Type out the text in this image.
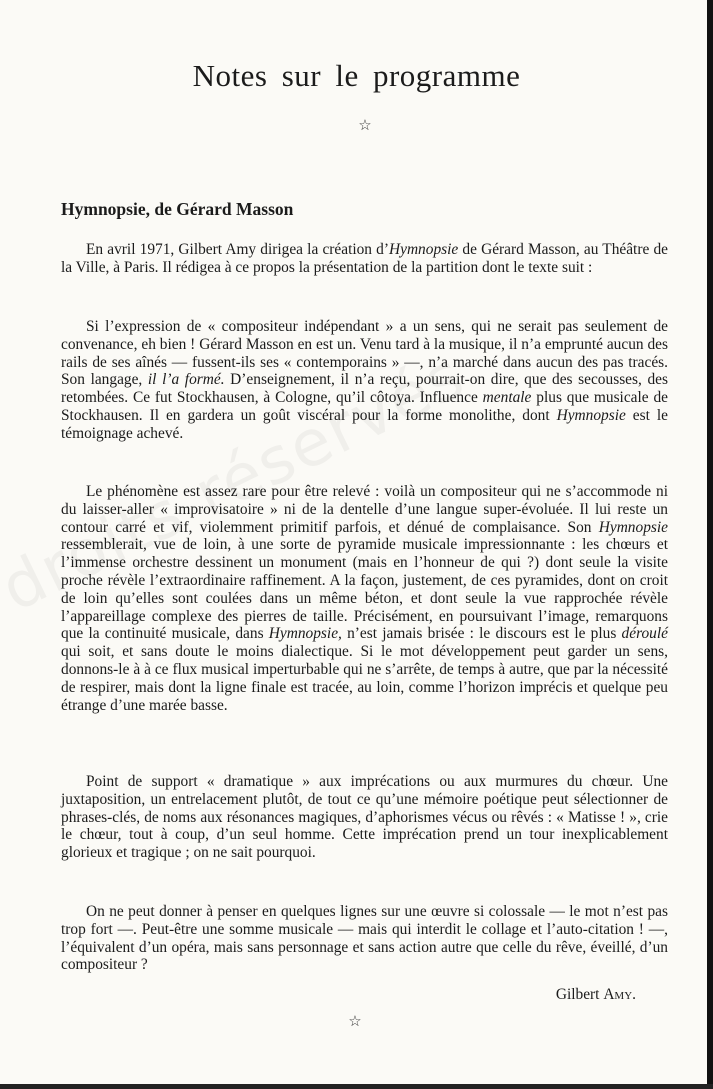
Notes sur le programme
☆
Hymnopsie, de Gérard Masson

En avril 1971, Gilbert Amy dirigea la création d’Hymnopsie de Gérard Masson, au Théâtre de la Ville, à Paris. Il rédigea à ce propos la présentation de la partition dont le texte suit :

Si l’expression de « compositeur indépendant » a un sens, qui ne serait pas seulement de convenance, eh bien ! Gérard Masson en est un. Venu tard à la musique, il n’a emprunté aucun des rails de ses aînés — fussent-ils ses « contemporains » —, n’a marché dans aucun des pas tracés. Son langage, il l’a formé. D’enseignement, il n’a reçu, pourrait-on dire, que des secousses, des retombées. Ce fut Stockhausen, à Cologne, qu’il côtoya. Influence mentale plus que musicale de Stockhausen. Il en gardera un goût viscéral pour la forme monolithe, dont Hymnopsie est le témoignage achevé.

Le phénomène est assez rare pour être relevé : voilà un compositeur qui ne s’accommode ni du laisser-aller « improvisatoire » ni de la dentelle d’une langue super-évoluée. Il lui reste un contour carré et vif, violemment primitif parfois, et dénué de complaisance. Son Hymnopsie ressemblerait, vue de loin, à une sorte de pyramide musicale impressionnante : les chœurs et l’immense orchestre dessinent un monument (mais en l’honneur de qui ?) dont seule la visite proche révèle l’extraordinaire raffinement. A la façon, justement, de ces pyramides, dont on croit de loin qu’elles sont coulées dans un même béton, et dont seule la vue rapprochée révèle l’appareillage complexe des pierres de taille. Précisément, en poursuivant l’image, remarquons que la continuité musicale, dans Hymnopsie, n’est jamais brisée : le discours est le plus déroulé qui soit, et sans doute le moins dialectique. Si le mot développement peut garder un sens, donnons-le à à ce flux musical imperturbable qui ne s’arrête, de temps à autre, que par la nécessité de respirer, mais dont la ligne finale est tracée, au loin, comme l’horizon imprécis et quelque peu étrange d’une marée basse.

Point de support « dramatique » aux imprécations ou aux murmures du chœur. Une juxtaposition, un entrelacement plutôt, de tout ce qu’une mémoire poétique peut sélectionner de phrases-clés, de noms aux résonances magiques, d’aphorismes vécus ou rêvés : « Matisse ! », crie le chœur, tout à coup, d’un seul homme. Cette imprécation prend un tour inexplicablement glorieux et tragique ; on ne sait pourquoi.

On ne peut donner à penser en quelques lignes sur une œuvre si colossale — le mot n’est pas trop fort —. Peut-être une somme musicale — mais qui interdit le collage et l’auto-citation ! —, l’équivalent d’un opéra, mais sans personnage et sans action autre que celle du rêve, éveillé, d’un compositeur ?

Gilbert Amy.
☆
